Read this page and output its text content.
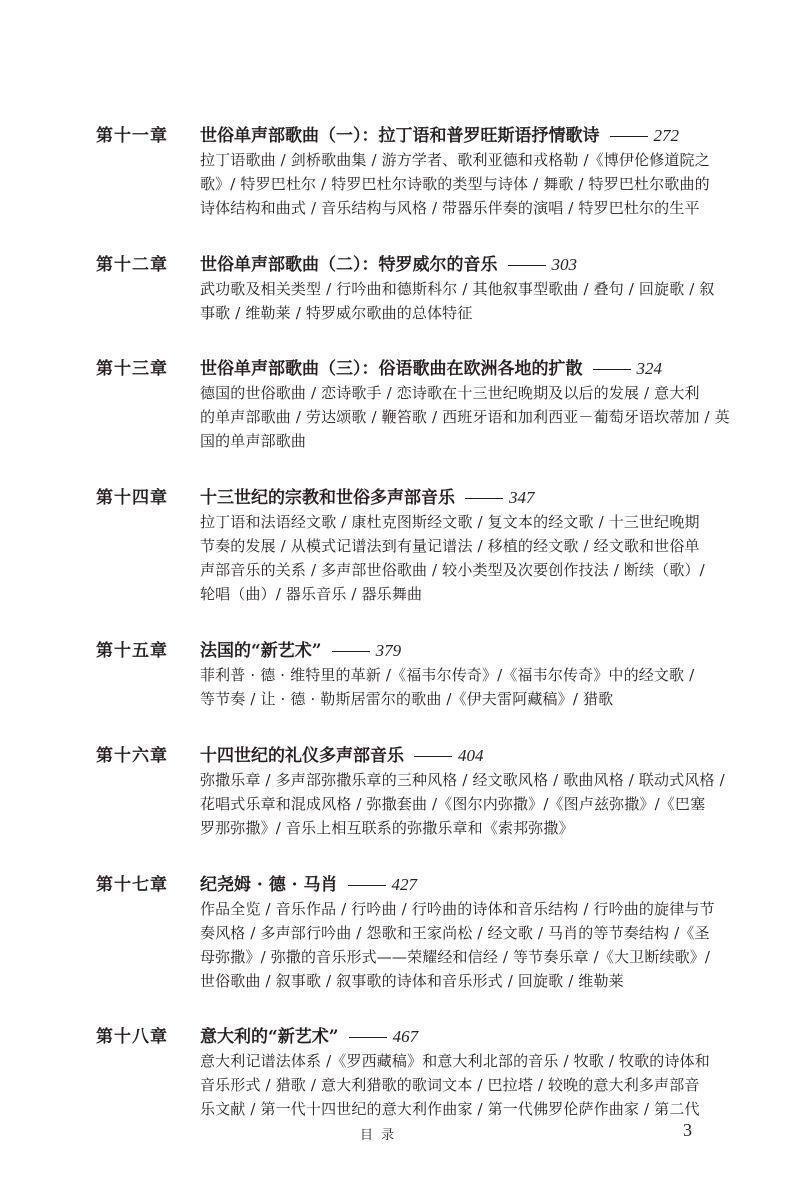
第十一章	世俗单声部歌曲（一）：拉丁语和普罗旺斯语抒情歌诗	272
拉丁语歌曲 / 剑桥歌曲集 / 游方学者、歌利亚德和戎格勒 /《博伊伦修道院之
歌》/ 特罗巴杜尔 / 特罗巴杜尔诗歌的类型与诗体 / 舞歌 / 特罗巴杜尔歌曲的
诗体结构和曲式 / 音乐结构与风格 / 带器乐伴奏的演唱 / 特罗巴杜尔的生平
第十二章	世俗单声部歌曲（二）：特罗威尔的音乐	303
武功歌及相关类型 / 行吟曲和德斯科尔 / 其他叙事型歌曲 / 叠句 / 回旋歌 / 叙
事歌 / 维勒莱 / 特罗威尔歌曲的总体特征
第十三章	世俗单声部歌曲（三）：俗语歌曲在欧洲各地的扩散	324
德国的世俗歌曲 / 恋诗歌手 / 恋诗歌在十三世纪晚期及以后的发展 / 意大利
的单声部歌曲 / 劳达颂歌 / 鞭笞歌 / 西班牙语和加利西亚－葡萄牙语坎蒂加 / 英
国的单声部歌曲
第十四章	十三世纪的宗教和世俗多声部音乐	347
拉丁语和法语经文歌 / 康杜克图斯经文歌 / 复文本的经文歌 / 十三世纪晚期
节奏的发展 / 从模式记谱法到有量记谱法 / 移植的经文歌 / 经文歌和世俗单
声部音乐的关系 / 多声部世俗歌曲 / 较小类型及次要创作技法 / 断续（歌）/
轮唱（曲）/ 器乐音乐 / 器乐舞曲
第十五章	法国的“新艺术”	379
菲利普 · 德 · 维特里的革新 /《福韦尔传奇》/《福韦尔传奇》中的经文歌 /
等节奏 / 让 · 德 · 勒斯居雷尔的歌曲 /《伊夫雷阿藏稿》/ 猎歌
第十六章	十四世纪的礼仪多声部音乐	404
弥撒乐章 / 多声部弥撒乐章的三种风格 / 经文歌风格 / 歌曲风格 / 联动式风格 /
花唱式乐章和混成风格 / 弥撒套曲 /《图尔内弥撒》/《图卢兹弥撒》/《巴塞
罗那弥撒》/ 音乐上相互联系的弥撒乐章和《索邦弥撒》
第十七章	纪尧姆 · 德 · 马肖	427
作品全览 / 音乐作品 / 行吟曲 / 行吟曲的诗体和音乐结构 / 行吟曲的旋律与节
奏风格 / 多声部行吟曲 / 怨歌和王家尚松 / 经文歌 / 马肖的等节奏结构 /《圣
母弥撒》/ 弥撒的音乐形式——荣耀经和信经 / 等节奏乐章 /《大卫断续歌》/
世俗歌曲 / 叙事歌 / 叙事歌的诗体和音乐形式 / 回旋歌 / 维勒莱
第十八章	意大利的“新艺术”	467
意大利记谱法体系 /《罗西藏稿》和意大利北部的音乐 / 牧歌 / 牧歌的诗体和
音乐形式 / 猎歌 / 意大利猎歌的歌词文本 / 巴拉塔 / 较晚的意大利多声部音
乐文献 / 第一代十四世纪的意大利作曲家 / 第一代佛罗伦萨作曲家 / 第二代
目 录	3
